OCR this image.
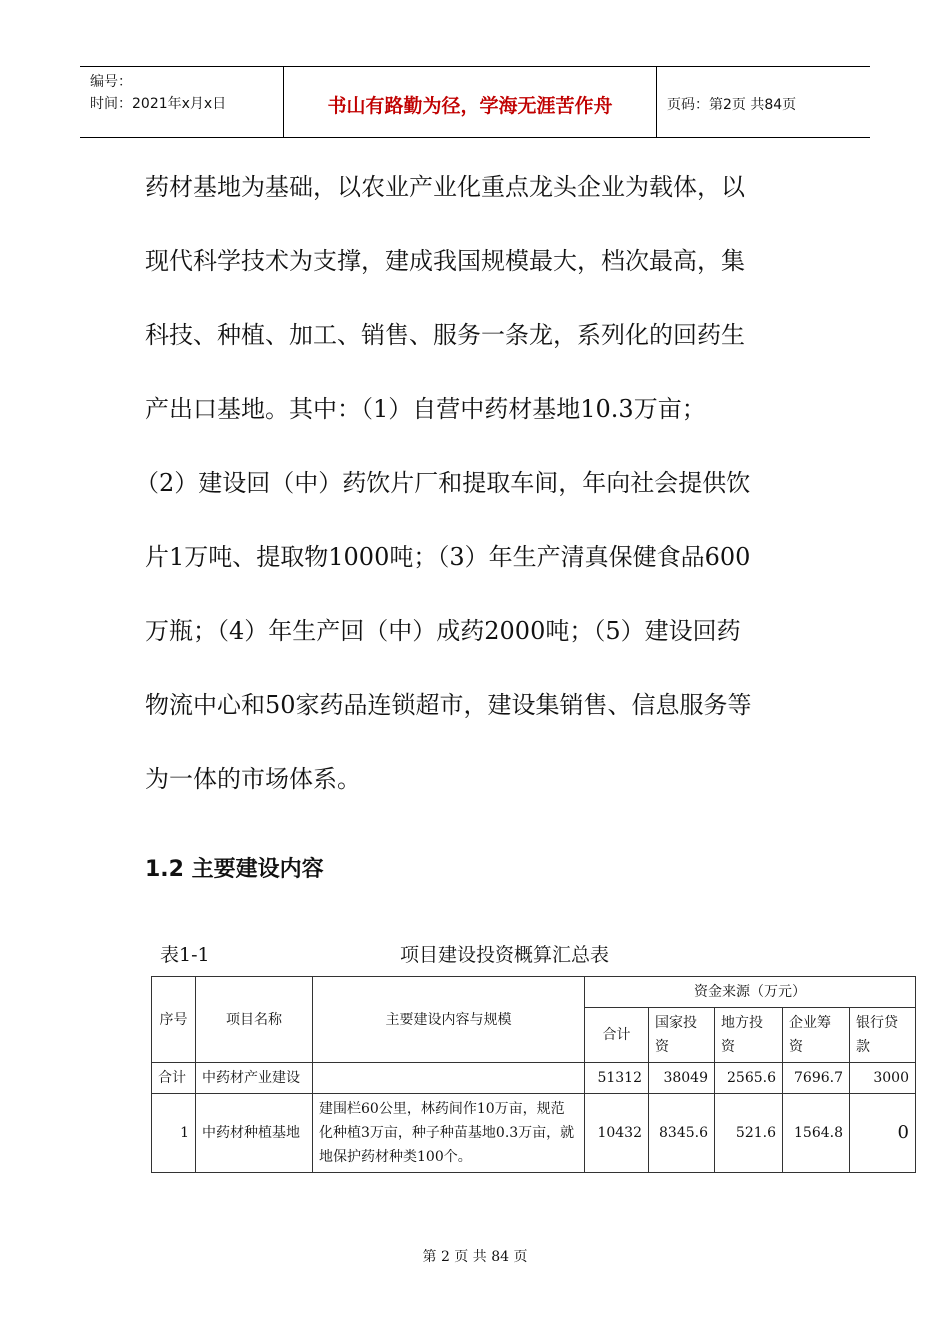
编号：
时间：2021年x月x日	书山有路勤为径，学海无涯苦作舟	页码：第2页 共84页
药材基地为基础，以农业产业化重点龙头企业为载体，以
现代科学技术为支撑，建成我国规模最大，档次最高，集
科技、种植、加工、销售、服务一条龙，系列化的回药生
产出口基地。其中：（1）自营中药材基地10.3万亩；
（2）建设回（中）药饮片厂和提取车间，年向社会提供饮
片1万吨、提取物1000吨；（3）年生产清真保健食品600
万瓶；（4）年生产回（中）成药2000吨；（5）建设回药
物流中心和50家药品连锁超市，建设集销售、信息服务等
为一体的市场体系。
1.2 主要建设内容
表1-1	项目建设投资概算汇总表
序号	项目名称	主要建设内容与规模	资金来源（万元）				
			合计	国家投资	地方投资	企业筹资	银行贷款
合计	中药材产业建设		51312	38049	2565.6	7696.7	3000
1	中药材种植基地	建围栏60公里，林药间作10万亩，规范化种植3万亩，种子种苗基地0.3万亩，就地保护药材种类100个。	10432	8345.6	521.6	1564.8	0
第 2 页 共 84 页
